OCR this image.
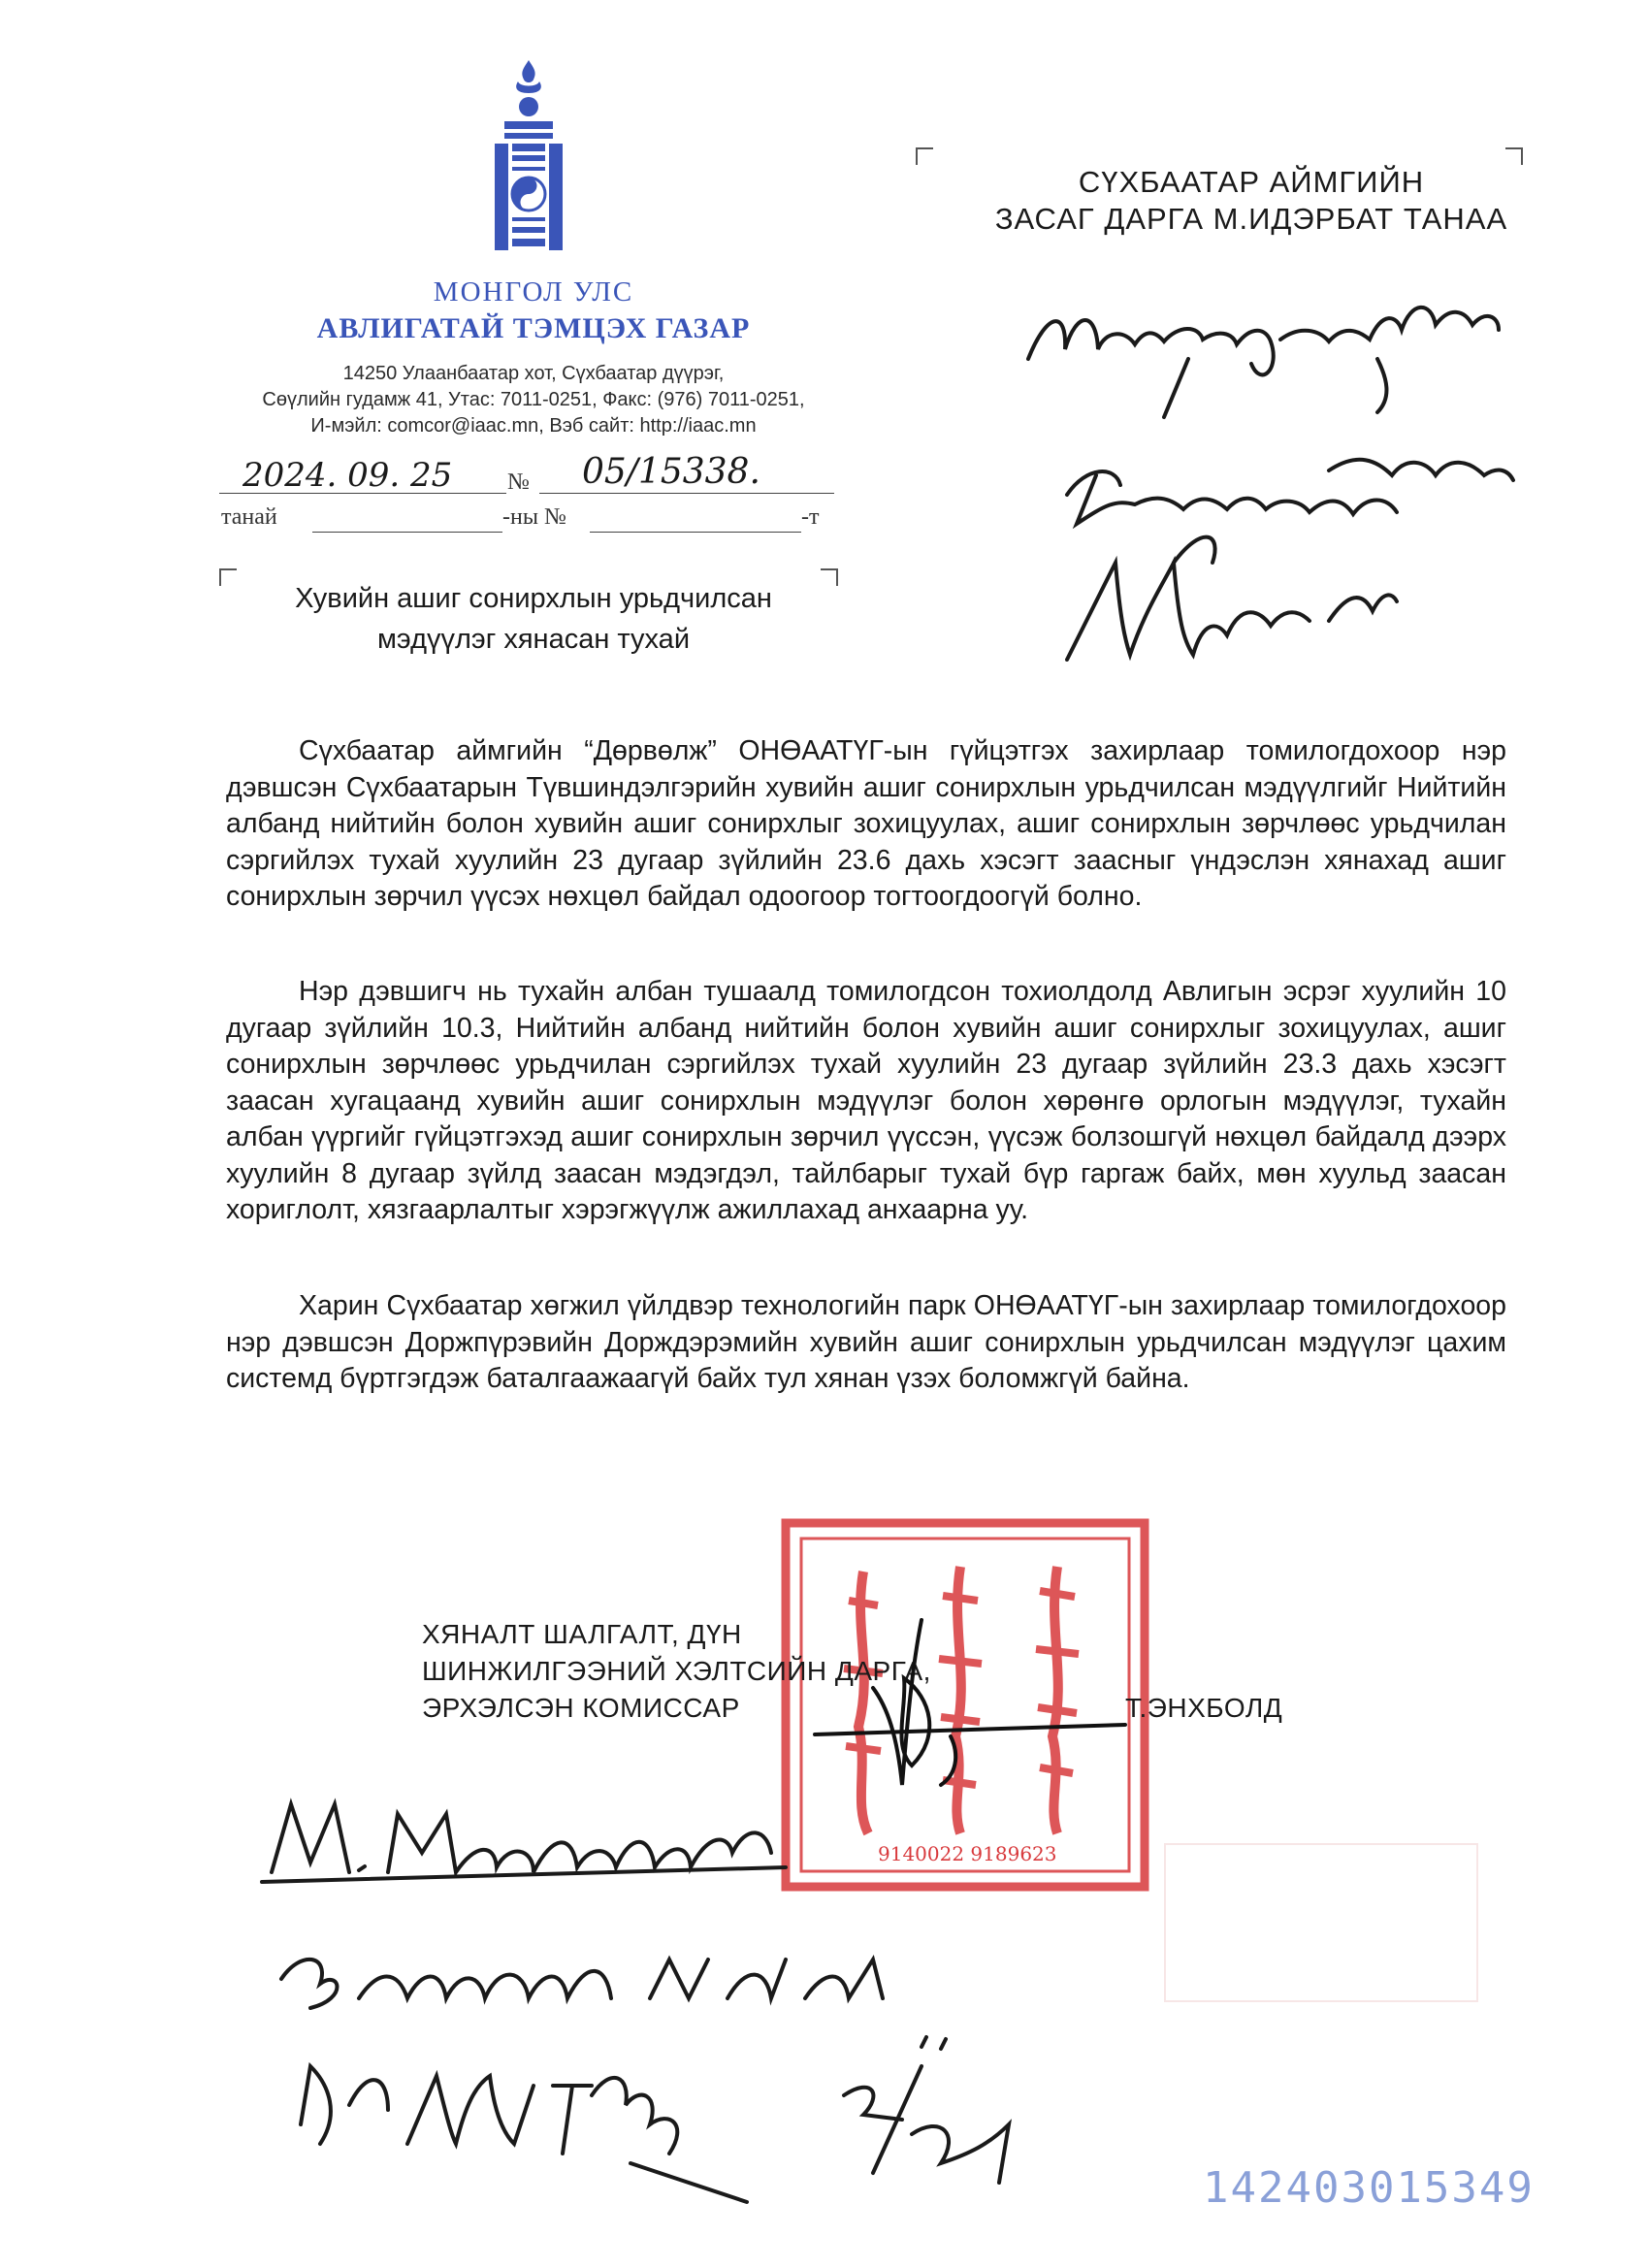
МОНГОЛ УЛС
АВЛИГАТАЙ ТЭМЦЭХ ГАЗАР
14250 Улаанбаатар хот, Сүхбаатар дүүрэг,
Сөүлийн гудамж 41, Утас: 7011-0251, Факс: (976) 7011-0251,
И-мэйл: comcor@iaac.mn, Вэб сайт: http://iaac.mn
2024. 09. 25 № 05/15338.
танай	-ны №	-т
СҮХБААТАР АЙМГИЙН
ЗАСАГ ДАРГА М.ИДЭРБАТ ТАНАА
Хувийн ашиг сонирхлын урьдчилсан
мэдүүлэг хянасан тухай
Сүхбаатар аймгийн “Дөрвөлж” ОНӨААТҮГ-ын гүйцэтгэх захирлаар томилогдохоор нэр дэвшсэн Сүхбаатарын Түвшиндэлгэрийн хувийн ашиг сонирхлын урьдчилсан мэдүүлгийг Нийтийн албанд нийтийн болон хувийн ашиг сонирхлыг зохицуулах, ашиг сонирхлын зөрчлөөс урьдчилан сэргийлэх тухай хуулийн 23 дугаар зүйлийн 23.6 дахь хэсэгт заасныг үндэслэн хянахад ашиг сонирхлын зөрчил үүсэх нөхцөл байдал одоогоор тогтоогдоогүй болно.
Нэр дэвшигч нь тухайн албан тушаалд томилогдсон тохиолдолд Авлигын эсрэг хуулийн 10 дугаар зүйлийн 10.3, Нийтийн албанд нийтийн болон хувийн ашиг сонирхлыг зохицуулах, ашиг сонирхлын зөрчлөөс урьдчилан сэргийлэх тухай хуулийн 23 дугаар зүйлийн 23.3 дахь хэсэгт заасан хугацаанд хувийн ашиг сонирхлын мэдүүлэг болон хөрөнгө орлогын мэдүүлэг, тухайн албан үүргийг гүйцэтгэхэд ашиг сонирхлын зөрчил үүссэн, үүсэж болзошгүй нөхцөл байдалд дээрх хуулийн 8 дугаар зүйлд заасан мэдэгдэл, тайлбарыг тухай бүр гаргаж байх, мөн хуульд заасан хориглолт, хязгаарлалтыг хэрэгжүүлж ажиллахад анхаарна уу.
Харин Сүхбаатар хөгжил үйлдвэр технологийн парк ОНӨААТҮГ-ын захирлаар томилогдохоор нэр дэвшсэн Доржпүрэвийн Дорждэрэмийн хувийн ашиг сонирхлын урьдчилсан мэдүүлэг цахим системд бүртгэгдэж баталгаажаагүй байх тул хянан үзэх боломжгүй байна.
9140022 9189623
ХЯНАЛТ ШАЛГАЛТ, ДҮН
ШИНЖИЛГЭЭНИЙ ХЭЛТСИЙН ДАРГА,
ЭРХЭЛСЭН КОМИССАР	Т.ЭНХБОЛД
14240301534​9
